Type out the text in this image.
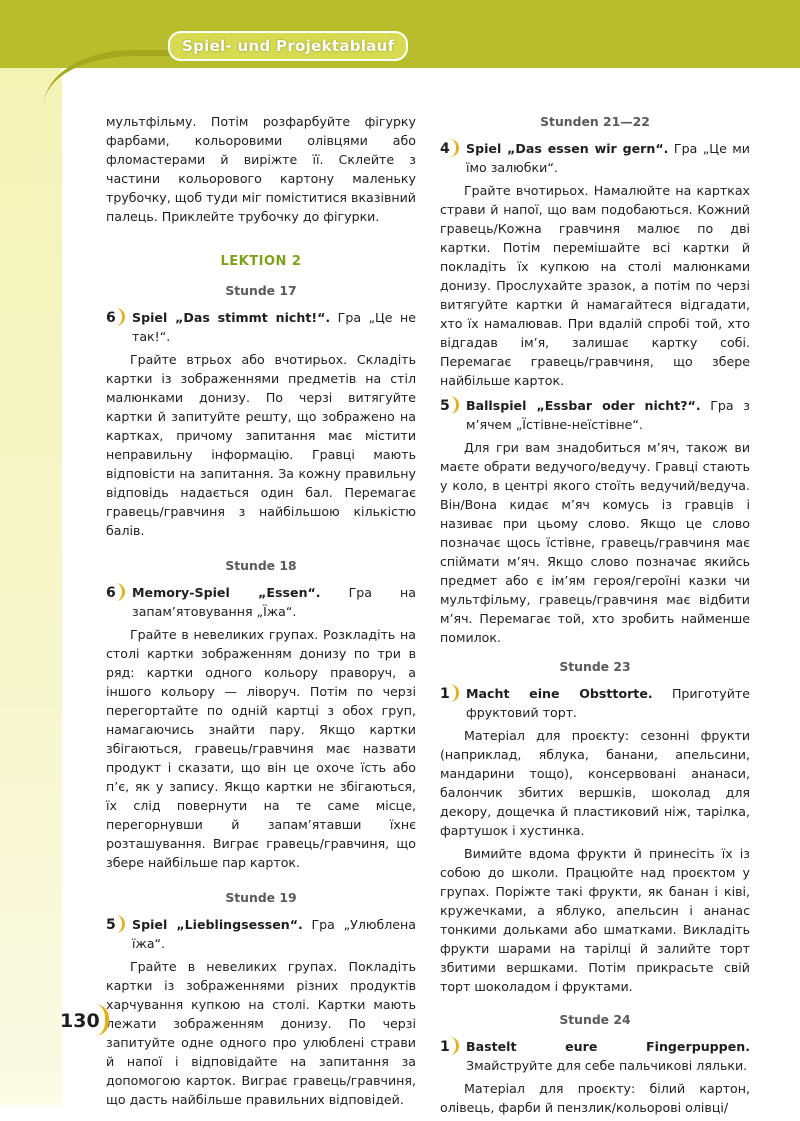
Spiel- und Projektablauf

мультфільму. Потім розфарбуйте фігурку фарбами, кольоровими олівцями або фломастерами й виріжте її. Склейте з частини кольорового картону маленьку трубочку, щоб туди міг поміститися вказівний палець. Приклейте трубочку до фігурки.

LEKTION 2
Stunde 17
6	Spiel „Das stimmt nicht!“. Гра „Це не так!“.

Грайте втрьох або вчотирьох. Складіть картки із зображеннями предметів на стіл малюнками донизу. По черзі витягуйте картки й запитуйте решту, що зображено на картках, причому запитання має містити неправильну інформацію. Гравці мають відповісти на запитання. За кожну правильну відповідь надається один бал. Перемагає гравець/гравчиня з найбільшою кількістю балів.

Stunde 18
6	Memory-Spiel „Essen“. Гра на запам’ятовування „Їжа“.

Грайте в невеликих групах. Розкладіть на столі картки зображенням донизу по три в ряд: картки одного кольору праворуч, а іншого кольору — ліворуч. Потім по черзі перегортайте по одній картці з обох груп, намагаючись знайти пару. Якщо картки збігаються, гравець/гравчиня має назвати продукт і сказати, що він це охоче їсть або п’є, як у запису. Якщо картки не збігаються, їх слід повернути на те саме місце, перегорнувши й запам’ятавши їхнє розташування. Виграє гравець/гравчиня, що збере найбільше пар карток.

Stunde 19
5	Spiel „Lieblingsessen“. Гра „Улюблена їжа“.

Грайте в невеликих групах. Покладіть картки із зображеннями різних продуктів харчування купкою на столі. Картки мають лежати зображенням донизу. По черзі запитуйте одне одного про улюблені страви й напої і відповідайте на запитання за допомогою карток. Виграє гравець/гравчиня, що дасть найбільше правильних відповідей.

Stunden 21—22
4	Spiel „Das essen wir gern“. Гра „Це ми їмо залюбки“.

Грайте вчотирьох. Намалюйте на картках страви й напої, що вам подобаються. Кожний гравець/Кожна гравчиня малює по дві картки. Потім перемішайте всі картки й покладіть їх купкою на столі малюнками донизу. Прослухайте зразок, а потім по черзі витягуйте картки й намагайтеся відгадати, хто їх намалював. При вдалій спробі той, хто відгадав ім’я, залишає картку собі. Перемагає гравець/гравчиня, що збере найбільше карток.

5	Ballspiel „Essbar oder nicht?“. Гра з м’ячем „Їстівне-неїстівне“.

Для гри вам знадобиться м’яч, також ви маєте обрати ведучого/ведучу. Гравці стають у коло, в центрі якого стоїть ведучий/ведуча. Він/Вона кидає м’яч комусь із гравців і називає при цьому слово. Якщо це слово позначає щось їстівне, гравець/гравчиня має спіймати м’яч. Якщо слово позначає якийсь предмет або є ім’ям героя/героїні казки чи мультфільму, гравець/гравчиня має відбити м’яч. Перемагає той, хто зробить найменше помилок.

Stunde 23
1	Macht eine Obsttorte. Приготуйте фруктовий торт.

Матеріал для проєкту: сезонні фрукти (наприклад, яблука, банани, апельсини, мандарини тощо), консервовані ананаси, балончик збитих вершків, шоколад для декору, дощечка й пластиковий ніж, тарілка, фартушок і хустинка.

Вимийте вдома фрукти й принесіть їх із собою до школи. Працюйте над проєктом у групах. Поріжте такі фрукти, як банан і ківі, кружечками, а яблуко, апельсин і ананас тонкими дольками або шматками. Викладіть фрукти шарами на тарілці й залийте торт збитими вершками. Потім прикрасьте свій торт шоколадом і фруктами.

Stunde 24
1	Bastelt eure Fingerpuppen. Змайструйте для себе пальчикові ляльки.

Матеріал для проєкту: білий картон, олівець, фарби й пензлик/кольорові олівці/

130
